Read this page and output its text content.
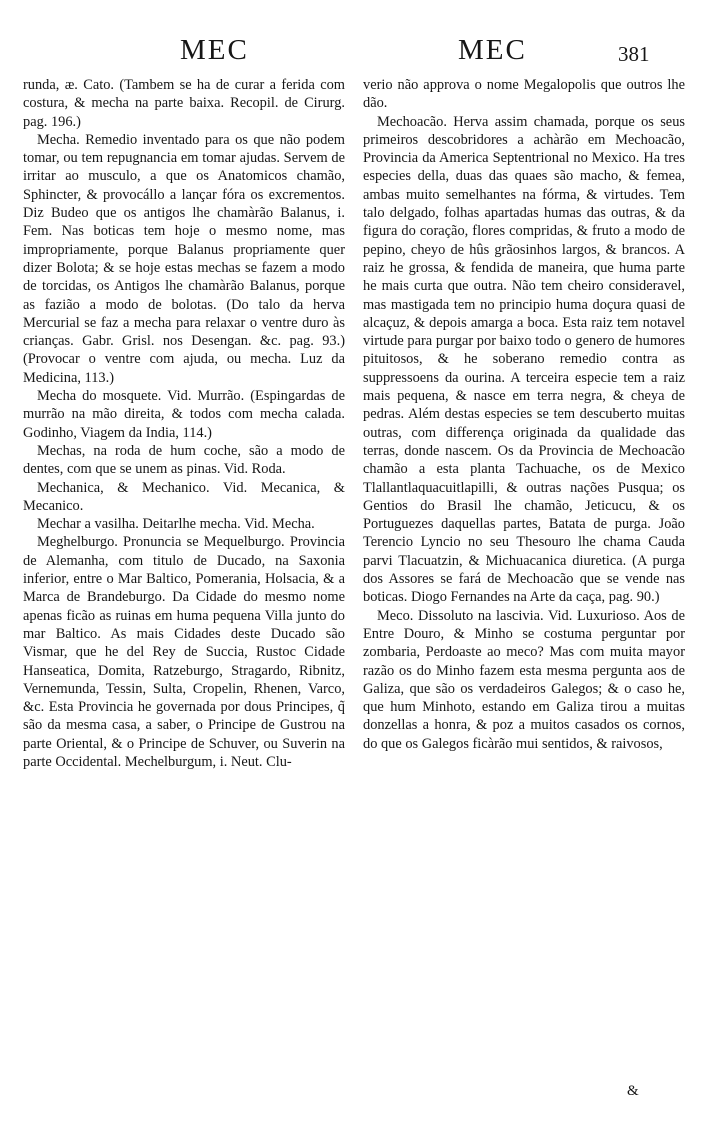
MEC	MEC	381

runda, æ. Cato. (Tambem se ha de curar a ferida com costura, & mecha na parte baixa. Recopil. de Cirurg. pag. 196.)

Mecha. Remedio inventado para os que não podem tomar, ou tem repugnancia em tomar ajudas. Servem de irritar ao musculo, a que os Anatomicos chamão, Sphincter, & provocállo a lançar fóra os excrementos. Diz Budeo que os antigos lhe chamàrão Balanus, i. Fem. Nas boticas tem hoje o mesmo nome, mas impropriamente, porque Balanus propriamente quer dizer Bolota; & se hoje estas mechas se fazem a modo de torcidas, os Antigos lhe chamàrão Balanus, porque as fazião a modo de bolotas. (Do talo da herva Mercurial se faz a mecha para relaxar o ventre duro às crianças. Gabr. Grisl. nos Desengan. &c. pag. 93.) (Provocar o ventre com ajuda, ou mecha. Luz da Medicina, 113.)

Mecha do mosquete. Vid. Murrão. (Espingardas de murrão na mão direita, & todos com mecha calada. Godinho, Viagem da India, 114.)

Mechas, na roda de hum coche, são a modo de dentes, com que se unem as pinas. Vid. Roda.

Mechanica, & Mechanico. Vid. Mecanica, & Mecanico.

Mechar a vasilha. Deitarlhe mecha. Vid. Mecha.

Meghelburgo. Pronuncia se Mequelburgo. Provincia de Alemanha, com titulo de Ducado, na Saxonia inferior, entre o Mar Baltico, Pomerania, Holsacia, & a Marca de Brandeburgo. Da Cidade do mesmo nome apenas ficão as ruinas em huma pequena Villa junto do mar Baltico. As mais Cidades deste Ducado são Vismar, que he del Rey de Succia, Rustoc Cidade Hanseatica, Domita, Ratzeburgo, Stragardo, Ribnitz, Vernemunda, Tessin, Sulta, Cropelin, Rhenen, Varco, &c. Esta Provincia he governada por dous Principes, q̃ são da mesma casa, a saber, o Principe de Gustrou na parte Oriental, & o Principe de Schuver, ou Suverin na parte Occidental. Mechelburgum, i. Neut. Clu-

verio não approva o nome Megalopolis que outros lhe dão.

Mechoacão. Herva assim chamada, porque os seus primeiros descobridores a achàrão em Mechoacão, Provincia da America Septentrional no Mexico. Ha tres especies della, duas das quaes são macho, & femea, ambas muito semelhantes na fórma, & virtudes. Tem talo delgado, folhas apartadas humas das outras, & da figura do coração, flores compridas, & fruto a modo de pepino, cheyo de hûs grãosinhos largos, & brancos. A raiz he grossa, & fendida de maneira, que huma parte he mais curta que outra. Não tem cheiro consideravel, mas mastigada tem no principio huma doçura quasi de alcaçuz, & depois amarga a boca. Esta raiz tem notavel virtude para purgar por baixo todo o genero de humores pituitosos, & he soberano remedio contra as suppressoens da ourina. A terceira especie tem a raiz mais pequena, & nasce em terra negra, & cheya de pedras. Além destas especies se tem descuberto muitas outras, com differença originada da qualidade das terras, donde nascem. Os da Provincia de Mechoacão chamão a esta planta Tachuache, os de Mexico Tlallantlaquacuitlapilli, & outras nações Pusqua; os Gentios do Brasil lhe chamão, Jeticucu, & os Portuguezes daquellas partes, Batata de purga. João Terencio Lyncio no seu Thesouro lhe chama Cauda parvi Tlacuatzin, & Michuacanica diuretica. (A purga dos Assores se fará de Mechoacão que se vende nas boticas. Diogo Fernandes na Arte da caça, pag. 90.)

Meco. Dissoluto na lascivia. Vid. Luxurioso. Aos de Entre Douro, & Minho se costuma perguntar por zombaria, Perdoaste ao meco? Mas com muita mayor razão os do Minho fazem esta mesma pergunta aos de Galiza, que são os verdadeiros Galegos; & o caso he, que hum Minhoto, estando em Galiza tirou a muitas donzellas a honra, & poz a muitos casados os cornos, do que os Galegos ficàrão mui sentidos, & raivosos,

&
